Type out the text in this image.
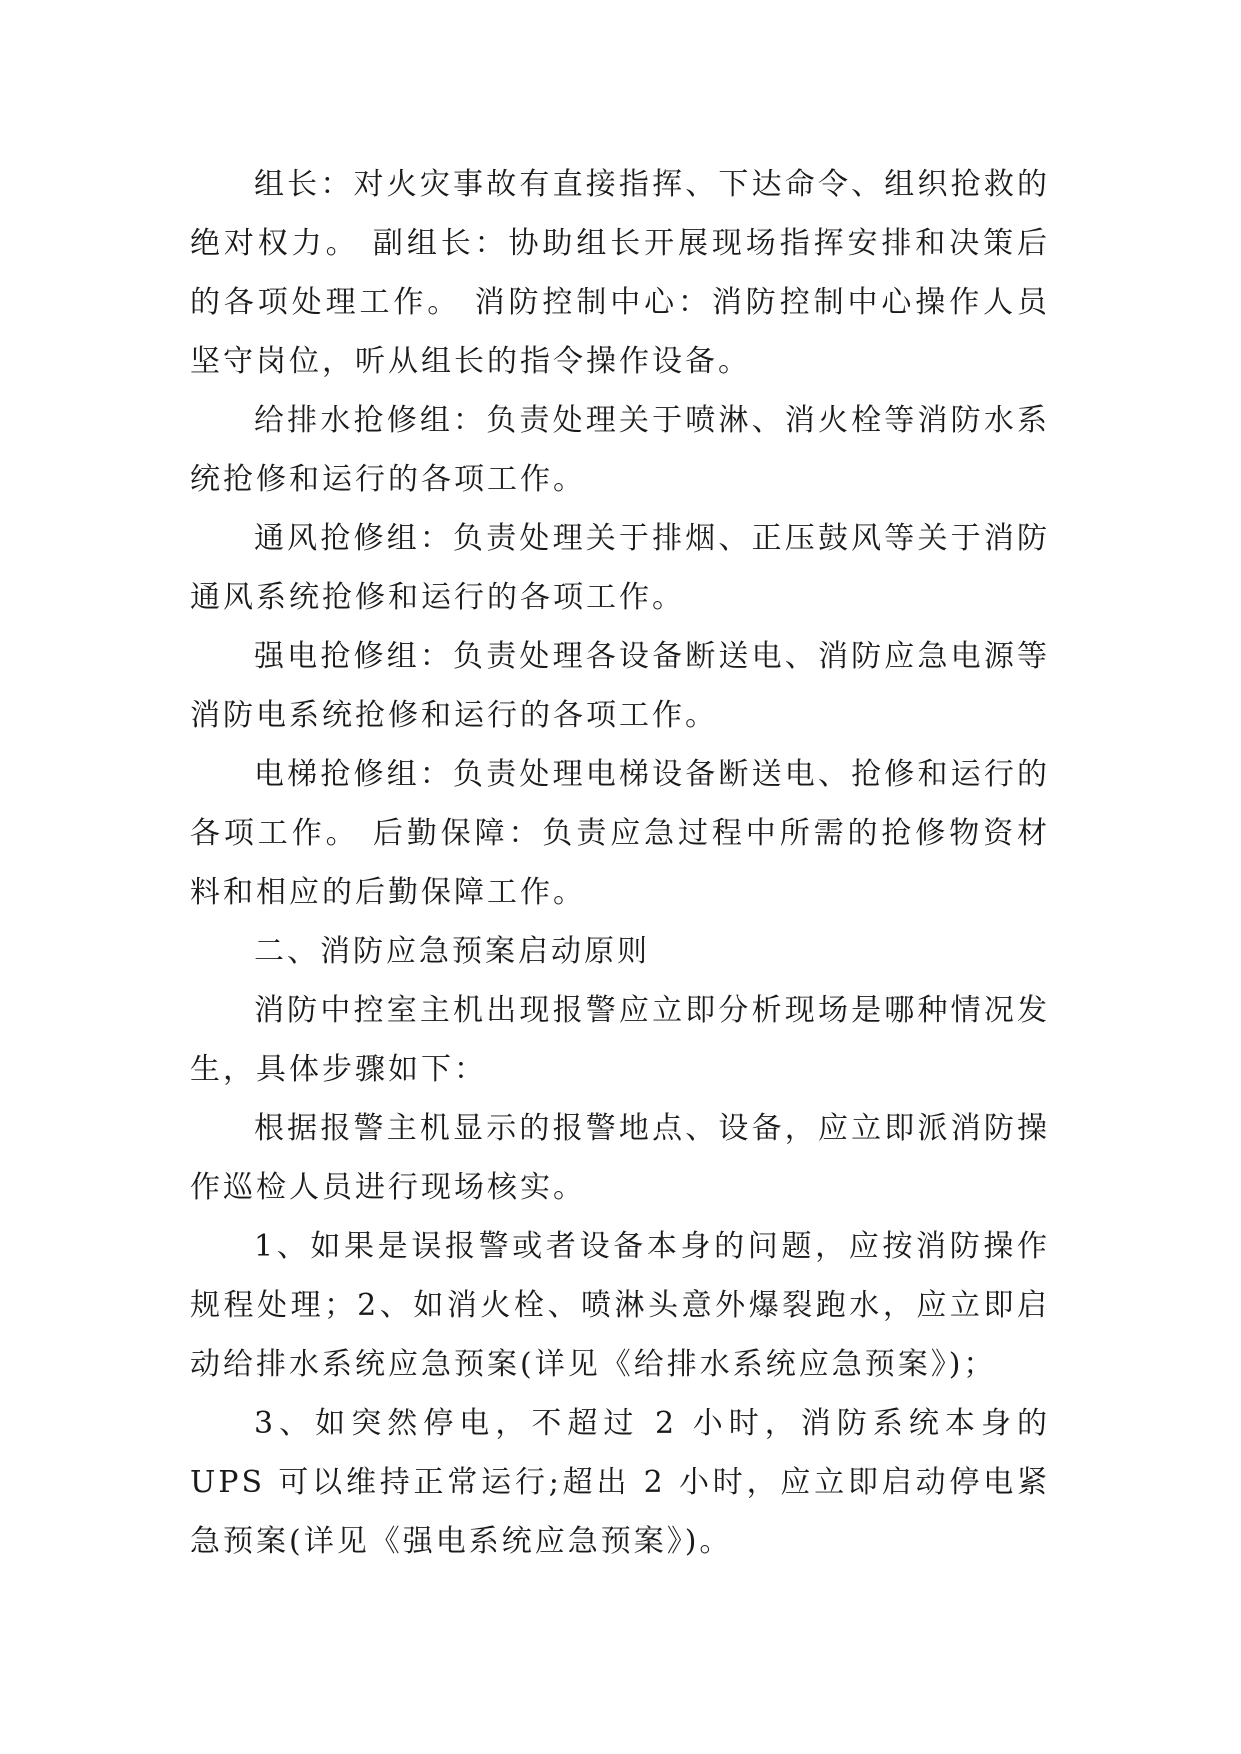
组长：对火灾事故有直接指挥、下达命令、组织抢救的绝对权力。 副组长：协助组长开展现场指挥安排和决策后的各项处理工作。 消防控制中心：消防控制中心操作人员坚守岗位，听从组长的指令操作设备。

给排水抢修组：负责处理关于喷淋、消火栓等消防水系统抢修和运行的各项工作。

通风抢修组：负责处理关于排烟、正压鼓风等关于消防通风系统抢修和运行的各项工作。

强电抢修组：负责处理各设备断送电、消防应急电源等消防电系统抢修和运行的各项工作。

电梯抢修组：负责处理电梯设备断送电、抢修和运行的各项工作。 后勤保障：负责应急过程中所需的抢修物资材料和相应的后勤保障工作。

二、消防应急预案启动原则

消防中控室主机出现报警应立即分析现场是哪种情况发生，具体步骤如下：

根据报警主机显示的报警地点、设备，应立即派消防操作巡检人员进行现场核实。

1、如果是误报警或者设备本身的问题，应按消防操作规程处理；2、如消火栓、喷淋头意外爆裂跑水，应立即启动给排水系统应急预案(详见《给排水系统应急预案》)；

3、如突然停电，不超过 2 小时，消防系统本身的 UPS 可以维持正常运行;超出 2 小时，应立即启动停电紧急预案(详见《强电系统应急预案》)。
